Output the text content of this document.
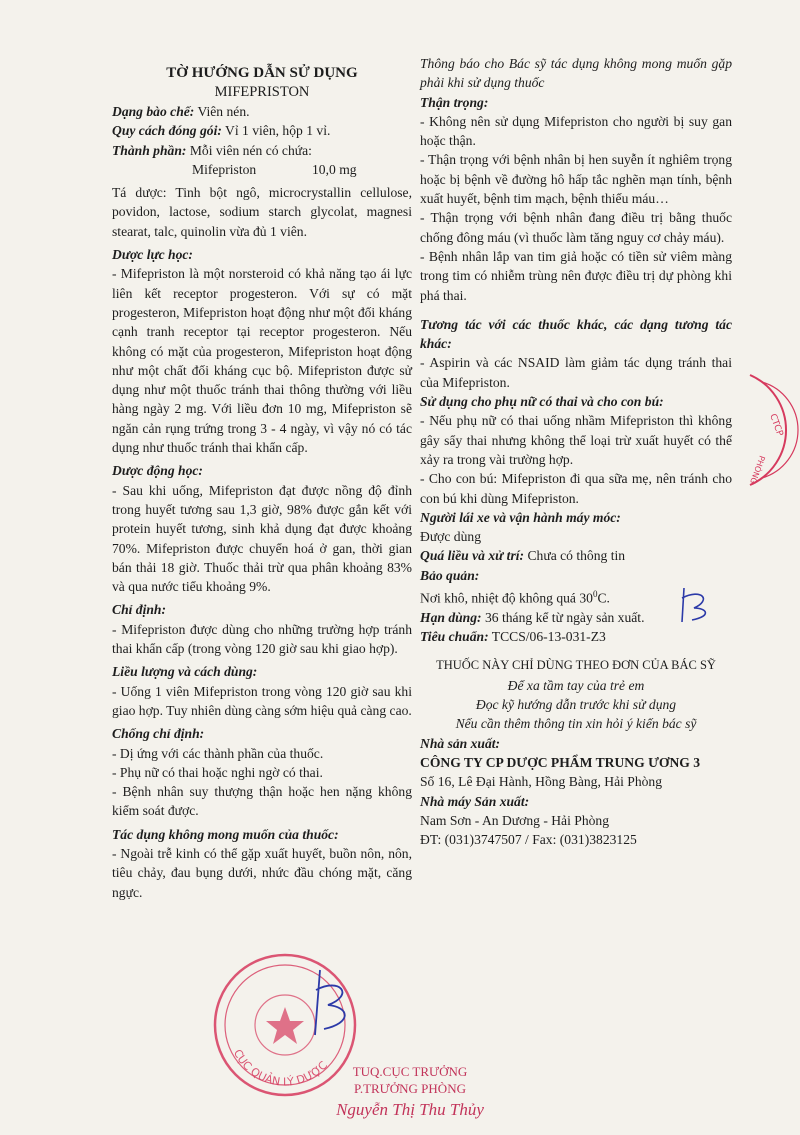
TỜ HƯỚNG DẪN SỬ DỤNG

MIFEPRISTON

Dạng bào chế: Viên nén.

Quy cách đóng gói: Vỉ 1 viên, hộp 1 vỉ.

Thành phần: Mỗi viên nén có chứa:

Mifepriston	10,0 mg

Tá dược: Tinh bột ngô, microcrystallin cellulose, povidon, lactose, sodium starch glycolat, magnesi stearat, talc, quinolin vừa đủ 1 viên.

Dược lực học:

- Mifepriston là một norsteroid có khả năng tạo ái lực liên kết receptor progesteron. Với sự có mặt progesteron, Mifepriston hoạt động như một đối kháng cạnh tranh receptor tại receptor progesteron. Nếu không có mặt của progesteron, Mifepriston hoạt động như một chất đối kháng cục bộ. Mifepriston được sử dụng như một thuốc tránh thai thông thường với liều hàng ngày 2 mg. Với liều đơn 10 mg, Mifepriston sẽ ngăn cản rụng trứng trong 3 - 4 ngày, vì vậy nó có tác dụng như thuốc tránh thai khẩn cấp.

Dược động học:

- Sau khi uống, Mifepriston đạt được nồng độ đỉnh trong huyết tương sau 1,3 giờ, 98% được gắn kết với protein huyết tương, sinh khả dụng đạt được khoảng 70%. Mifepriston được chuyển hoá ở gan, thời gian bán thải 18 giờ. Thuốc thải trừ qua phân khoảng 83% và qua nước tiểu khoảng 9%.

Chỉ định:

- Mifepriston được dùng cho những trường hợp tránh thai khẩn cấp (trong vòng 120 giờ sau khi giao hợp).

Liều lượng và cách dùng:

- Uống 1 viên Mifepriston trong vòng 120 giờ sau khi giao hợp. Tuy nhiên dùng càng sớm hiệu quả càng cao.

Chống chỉ định:

- Dị ứng với các thành phần của thuốc.

- Phụ nữ có thai hoặc nghi ngờ có thai.

- Bệnh nhân suy thượng thận hoặc hen nặng không kiểm soát được.

Tác dụng không mong muốn của thuốc:

- Ngoài trễ kinh có thể gặp xuất huyết, buồn nôn, nôn, tiêu chảy, đau bụng dưới, nhức đầu chóng mặt, căng ngực.

Thông báo cho Bác sỹ tác dụng không mong muốn gặp phải khi sử dụng thuốc

Thận trọng:

- Không nên sử dụng Mifepriston cho người bị suy gan hoặc thận.

- Thận trọng với bệnh nhân bị hen suyễn ít nghiêm trọng hoặc bị bệnh về đường hô hấp tắc nghẽn mạn tính, bệnh xuất huyết, bệnh tim mạch, bệnh thiếu máu…

- Thận trọng với bệnh nhân đang điều trị bằng thuốc chống đông máu (vì thuốc làm tăng nguy cơ chảy máu).

- Bệnh nhân lắp van tim giả hoặc có tiền sử viêm màng trong tim có nhiễm trùng nên được điều trị dự phòng khi phá thai.

Tương tác với các thuốc khác, các dạng tương tác khác:

- Aspirin và các NSAID làm giảm tác dụng tránh thai của Mifepriston.

Sử dụng cho phụ nữ có thai và cho con bú:

- Nếu phụ nữ có thai uống nhầm Mifepriston thì không gây sẩy thai nhưng không thể loại trừ xuất huyết có thể xảy ra trong vài trường hợp.

- Cho con bú: Mifepriston đi qua sữa mẹ, nên tránh cho con bú khi dùng Mifepriston.

Người lái xe và vận hành máy móc:

Được dùng

Quá liều và xử trí: Chưa có thông tin

Bảo quản:

Nơi khô, nhiệt độ không quá $30^0C$.

Hạn dùng: 36 tháng kể từ ngày sản xuất.

Tiêu chuẩn: TCCS/06-13-031-Z3

THUỐC NÀY CHỈ DÙNG THEO ĐƠN CỦA BÁC SỸ

Để xa tầm tay của trẻ em

Đọc kỹ hướng dẫn trước khi sử dụng

Nếu cần thêm thông tin xin hỏi ý kiến bác sỹ

Nhà sản xuất:

CÔNG TY CP DƯỢC PHẨM TRUNG ƯƠNG 3

Số 16, Lê Đại Hành, Hồng Bàng, Hải Phòng

Nhà máy Sản xuất:

Nam Sơn - An Dương - Hải Phòng

ĐT: (031)3747507 / Fax: (031)3823125

CTCP
PHÒNG
CỤC QUẢN LÝ DƯỢC	TUQ.CỤC TRƯỞNG
P.TRƯỞNG PHÒNG
Nguyễn Thị Thu Thủy
